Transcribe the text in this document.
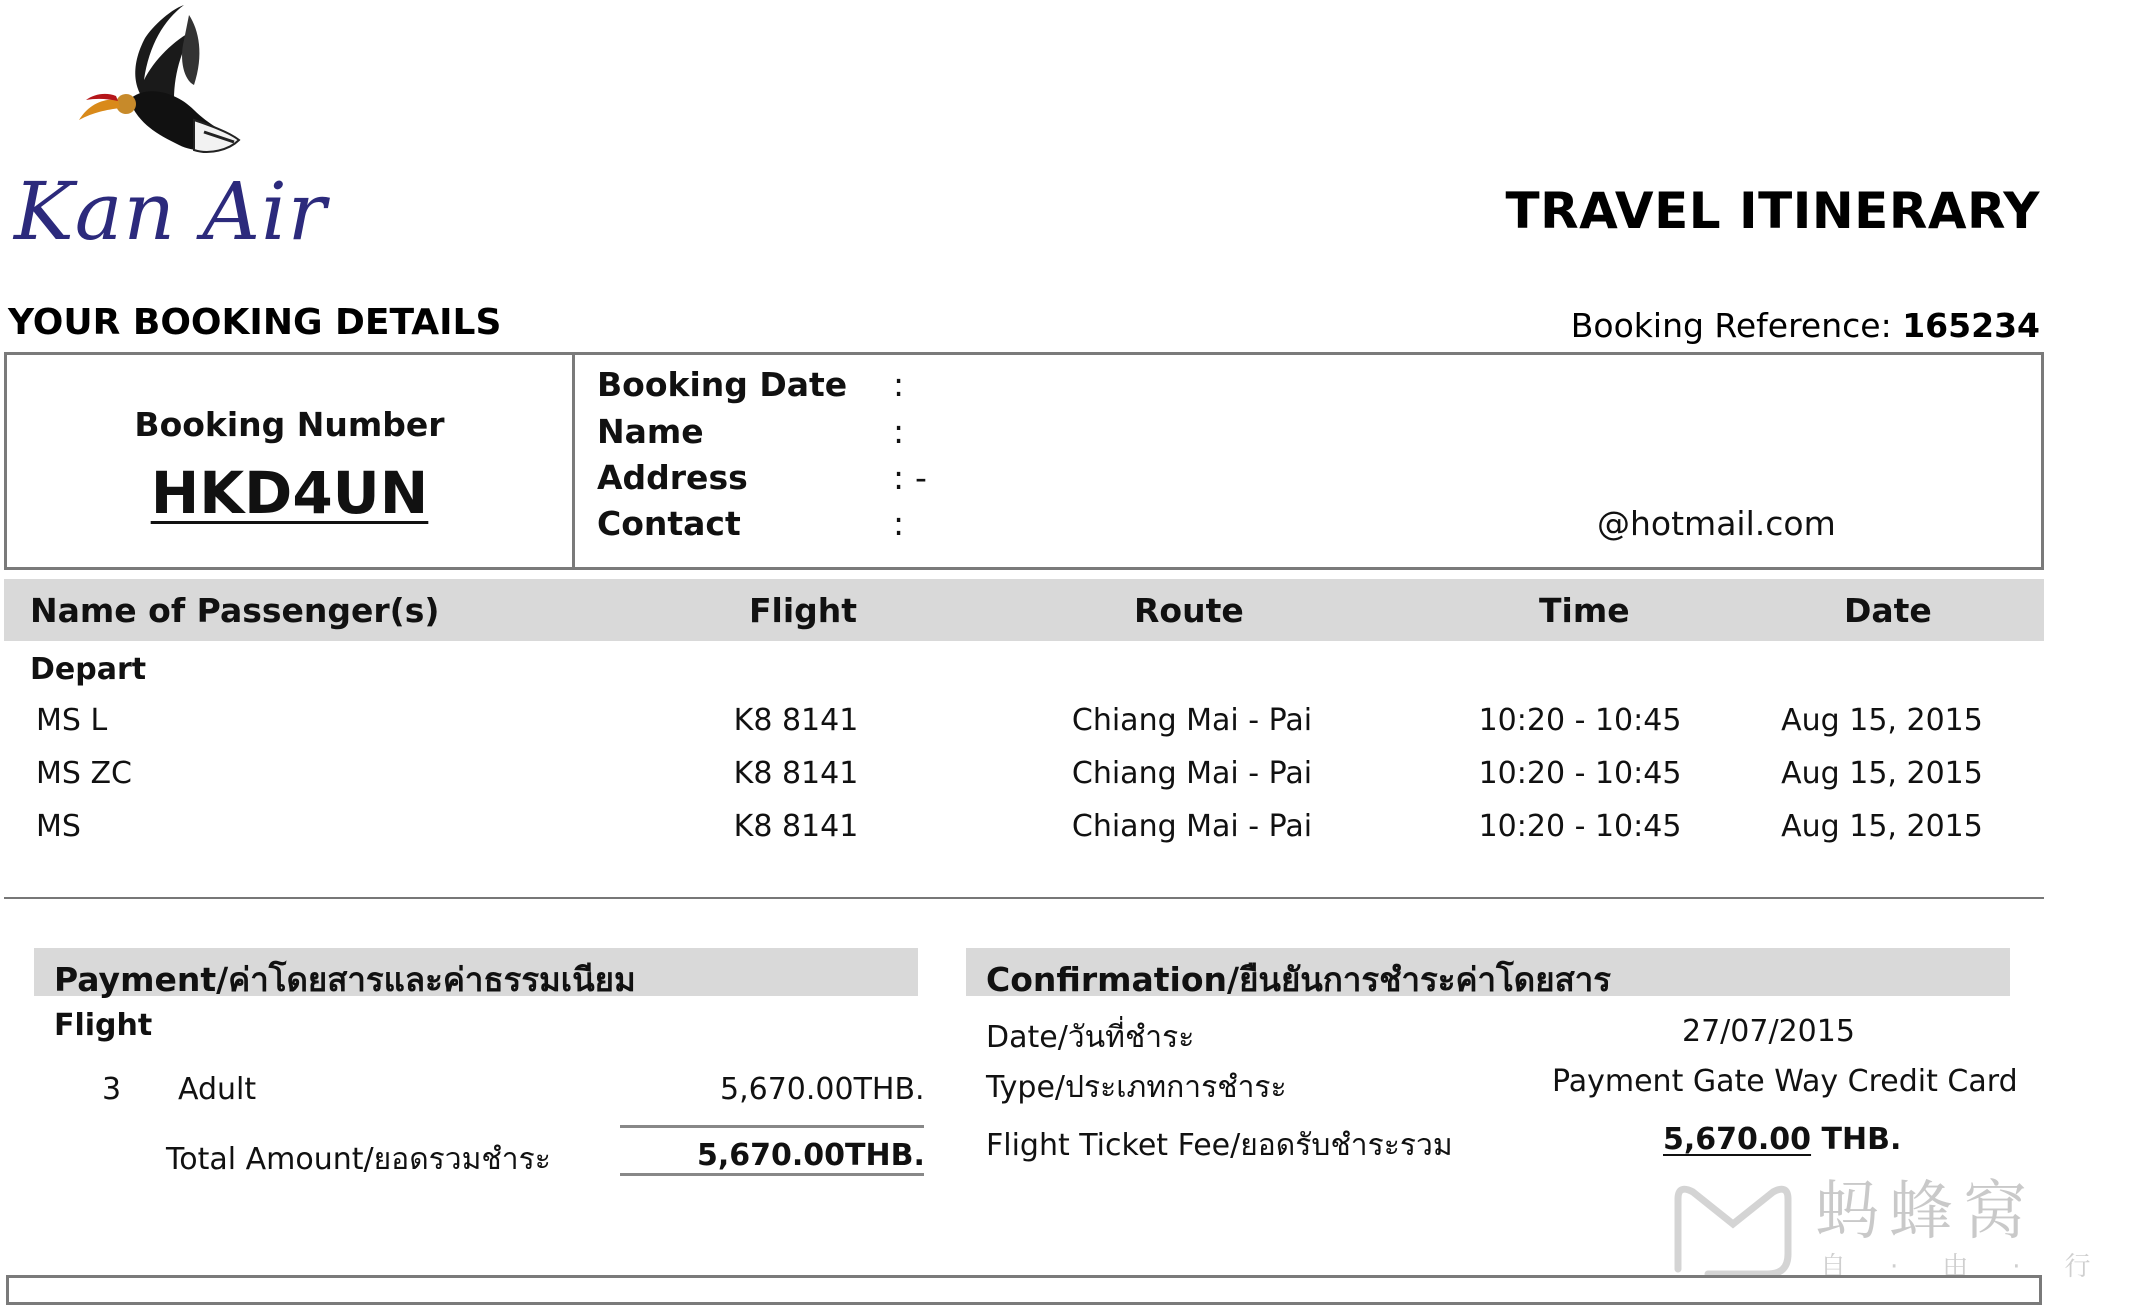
Kan Air	TRAVEL ITINERARY
YOUR BOOKING DETAILS	Booking Reference: 165234
Booking Number
HKD4UN
Booking Date :
Name	:
Address	: -
Contact	:	@hotmail.com
Name of Passenger(s)	Flight	Route	Time	Date
Depart
MS L	K8 8141	Chiang Mai - Pai	10:20 - 10:45	Aug 15, 2015
MS ZC	K8 8141	Chiang Mai - Pai	10:20 - 10:45	Aug 15, 2015
MS	K8 8141	Chiang Mai - Pai	10:20 - 10:45	Aug 15, 2015
Payment/ค่าโดยสารและค่าธรรมเนียม
Flight
3 Adult	5,670.00THB.
Total Amount/ยอดรวมชำระ	5,670.00THB.
Confirmation/ยืนยันการชำระค่าโดยสาร
Date/วันที่ชำระ	27/07/2015
Type/ประเภทการชำระ	Payment Gate Way Credit Card
Flight Ticket Fee/ยอดรับชำระรวม	5,670.00 THB.
蚂蜂窝
自·由·行
